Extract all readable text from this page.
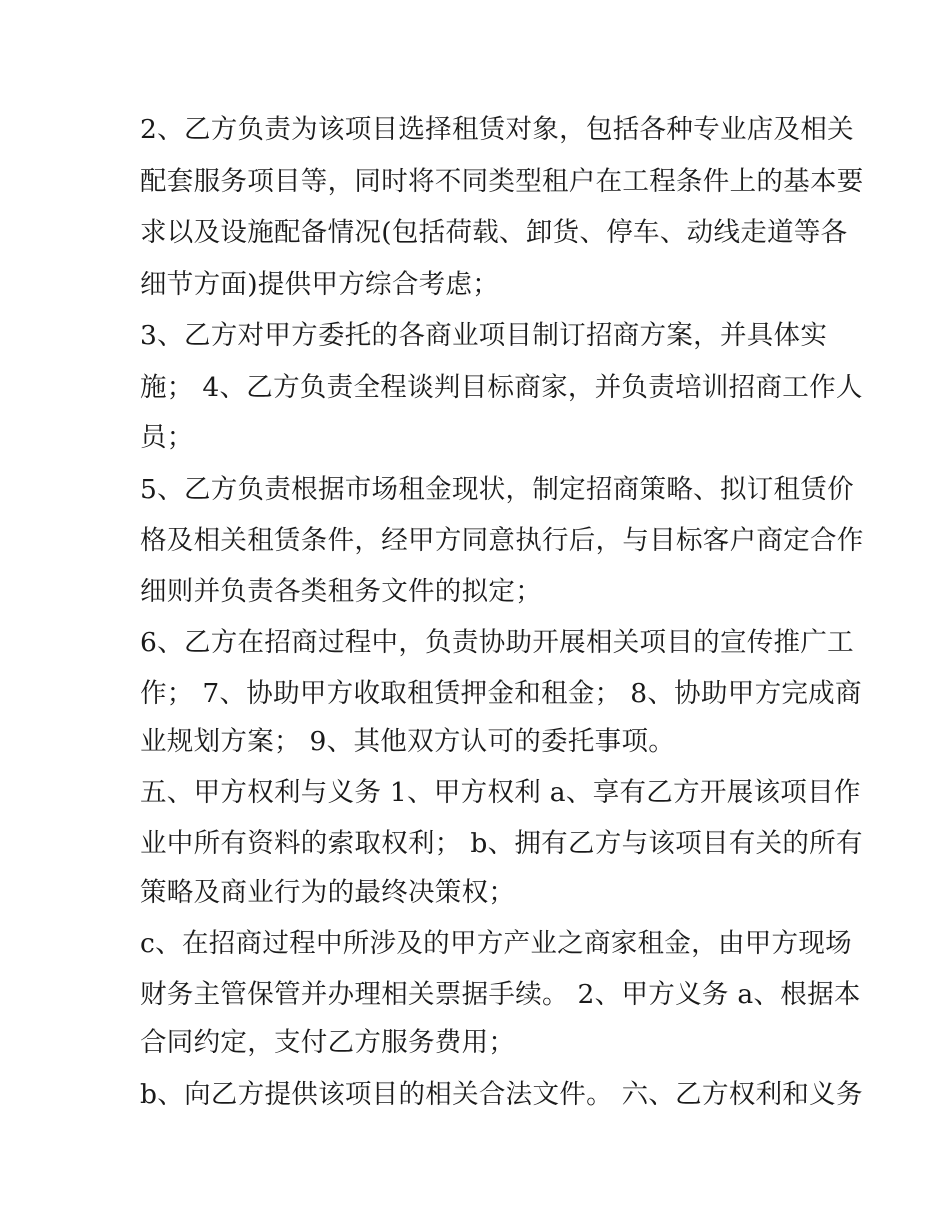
2、乙方负责为该项目选择租赁对象，包括各种专业店及相关
配套服务项目等，同时将不同类型租户在工程条件上的基本要
求以及设施配备情况(包括荷载、卸货、停车、动线走道等各
细节方面)提供甲方综合考虑；
3、乙方对甲方委托的各商业项目制订招商方案，并具体实
施； 4、乙方负责全程谈判目标商家，并负责培训招商工作人
员；
5、乙方负责根据市场租金现状，制定招商策略、拟订租赁价
格及相关租赁条件，经甲方同意执行后，与目标客户商定合作
细则并负责各类租务文件的拟定；
6、乙方在招商过程中，负责协助开展相关项目的宣传推广工
作； 7、协助甲方收取租赁押金和租金； 8、协助甲方完成商
业规划方案； 9、其他双方认可的委托事项。
五、甲方权利与义务 1、甲方权利 a、享有乙方开展该项目作
业中所有资料的索取权利； b、拥有乙方与该项目有关的所有
策略及商业行为的最终决策权；
c、在招商过程中所涉及的甲方产业之商家租金，由甲方现场
财务主管保管并办理相关票据手续。 2、甲方义务 a、根据本
合同约定，支付乙方服务费用；
b、向乙方提供该项目的相关合法文件。 六、乙方权利和义务
